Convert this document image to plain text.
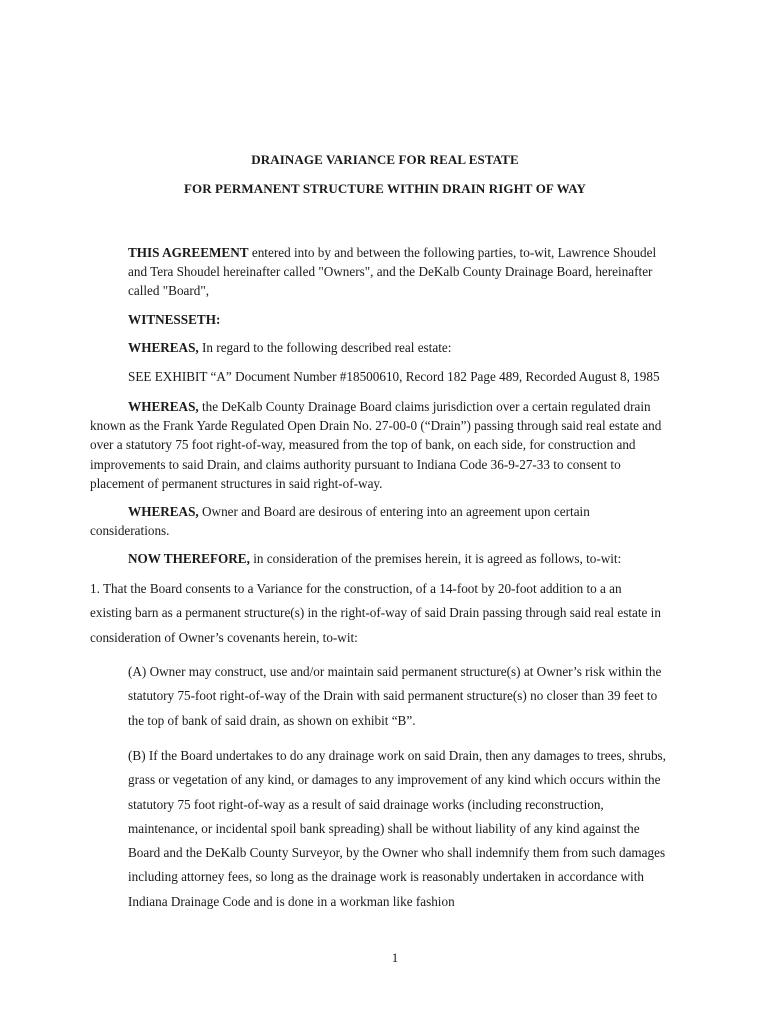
DRAINAGE VARIANCE FOR REAL ESTATE
FOR PERMANENT STRUCTURE WITHIN DRAIN RIGHT OF WAY
THIS AGREEMENT entered into by and between the following parties, to-wit, Lawrence Shoudel
and Tera Shoudel hereinafter called "Owners", and the DeKalb County Drainage Board, hereinafter
called "Board",
WITNESSETH:
WHEREAS, In regard to the following described real estate:
SEE EXHIBIT “A” Document Number #18500610, Record 182 Page 489, Recorded August 8, 1985
WHEREAS, the DeKalb County Drainage Board claims jurisdiction over a certain regulated drain
known as the Frank Yarde Regulated Open Drain No. 27-00-0 (“Drain”) passing through said real estate and
over a statutory 75 foot right-of-way, measured from the top of bank, on each side, for construction and
improvements to said Drain, and claims authority pursuant to Indiana Code 36-9-27-33 to consent to
placement of permanent structures in said right-of-way.
WHEREAS, Owner and Board are desirous of entering into an agreement upon certain
considerations.
NOW THEREFORE, in consideration of the premises herein, it is agreed as follows, to-wit:
1. That the Board consents to a Variance for the construction, of a 14-foot by 20-foot addition to a an
existing barn as a permanent structure(s) in the right-of-way of said Drain passing through said real estate in
consideration of Owner’s covenants herein, to-wit:
(A) Owner may construct, use and/or maintain said permanent structure(s) at Owner’s risk within the
statutory 75-foot right-of-way of the Drain with said permanent structure(s) no closer than 39 feet to
the top of bank of said drain, as shown on exhibit “B”.
(B) If the Board undertakes to do any drainage work on said Drain, then any damages to trees, shrubs,
grass or vegetation of any kind, or damages to any improvement of any kind which occurs within the
statutory 75 foot right-of-way as a result of said drainage works (including reconstruction,
maintenance, or incidental spoil bank spreading) shall be without liability of any kind against the
Board and the DeKalb County Surveyor, by the Owner who shall indemnify them from such damages
including attorney fees, so long as the drainage work is reasonably undertaken in accordance with
Indiana Drainage Code and is done in a workman like fashion
1
